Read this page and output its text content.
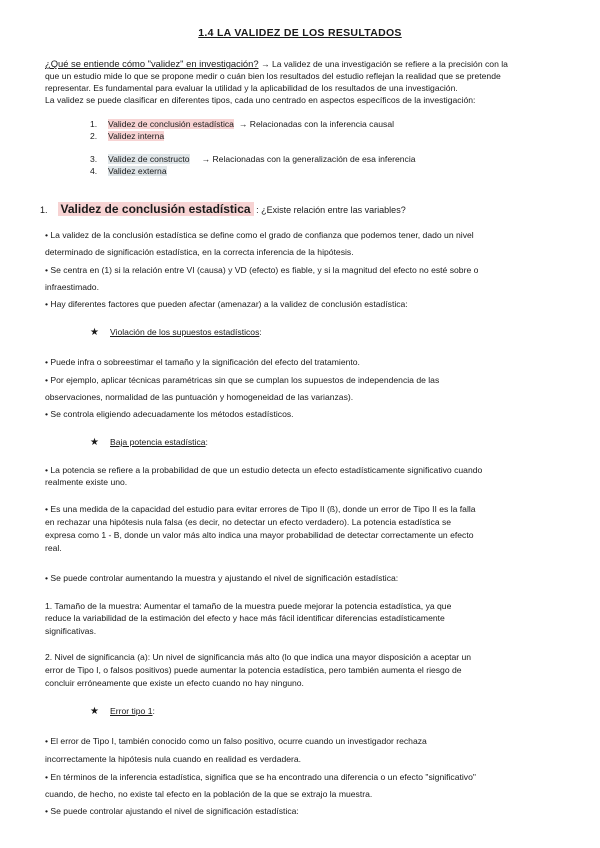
1.4 LA VALIDEZ DE LOS RESULTADOS
¿Qué se entiende cómo "validez" en investigación? → La validez de una investigación se refiere a la precisión con la
que un estudio mide lo que se propone medir o cuán bien los resultados del estudio reflejan la realidad que se pretende
representar. Es fundamental para evaluar la utilidad y la aplicabilidad de los resultados de una investigación.
La validez se puede clasificar en diferentes tipos, cada uno centrado en aspectos específicos de la investigación:
1. Validez de conclusión estadística → Relacionadas con la inferencia causal
2. Validez interna
3. Validez de constructo → Relacionadas con la generalización de esa inferencia
4. Validez externa
1. Validez de conclusión estadística : ¿Existe relación entre las variables?
• La validez de la conclusión estadística se define como el grado de confianza que podemos tener, dado un nivel
determinado de significación estadística, en la correcta inferencia de la hipótesis.
• Se centra en (1) si la relación entre VI (causa) y VD (efecto) es fiable, y si la magnitud del efecto no esté sobre o
infraestimado.
• Hay diferentes factores que pueden afectar (amenazar) a la validez de conclusión estadística:
★ Violación de los supuestos estadísticos:
• Puede infra o sobreestimar el tamaño y la significación del efecto del tratamiento.
• Por ejemplo, aplicar técnicas paramétricas sin que se cumplan los supuestos de independencia de las
observaciones, normalidad de las puntuación y homogeneidad de las varianzas).
• Se controla eligiendo adecuadamente los métodos estadísticos.
★ Baja potencia estadística:
• La potencia se refiere a la probabilidad de que un estudio detecta un efecto estadísticamente significativo cuando
realmente existe uno.
• Es una medida de la capacidad del estudio para evitar errores de Tipo II (ß), donde un error de Tipo II es la falla
en rechazar una hipótesis nula falsa (es decir, no detectar un efecto verdadero). La potencia estadística se
expresa como 1 - B, donde un valor más alto indica una mayor probabilidad de detectar correctamente un efecto
real.
• Se puede controlar aumentando la muestra y ajustando el nivel de significación estadística:
1. Tamaño de la muestra: Aumentar el tamaño de la muestra puede mejorar la potencia estadística, ya que
reduce la variabilidad de la estimación del efecto y hace más fácil identificar diferencias estadísticamente
significativas.
2. Nivel de significancia (a): Un nivel de significancia más alto (lo que indica una mayor disposición a aceptar un
error de Tipo I, o falsos positivos) puede aumentar la potencia estadística, pero también aumenta el riesgo de
concluir erróneamente que existe un efecto cuando no hay ninguno.
★ Error tipo 1:
• El error de Tipo I, también conocido como un falso positivo, ocurre cuando un investigador rechaza
incorrectamente la hipótesis nula cuando en realidad es verdadera.
• En términos de la inferencia estadística, significa que se ha encontrado una diferencia o un efecto "significativo"
cuando, de hecho, no existe tal efecto en la población de la que se extrajo la muestra.
• Se puede controlar ajustando el nivel de significación estadística:
